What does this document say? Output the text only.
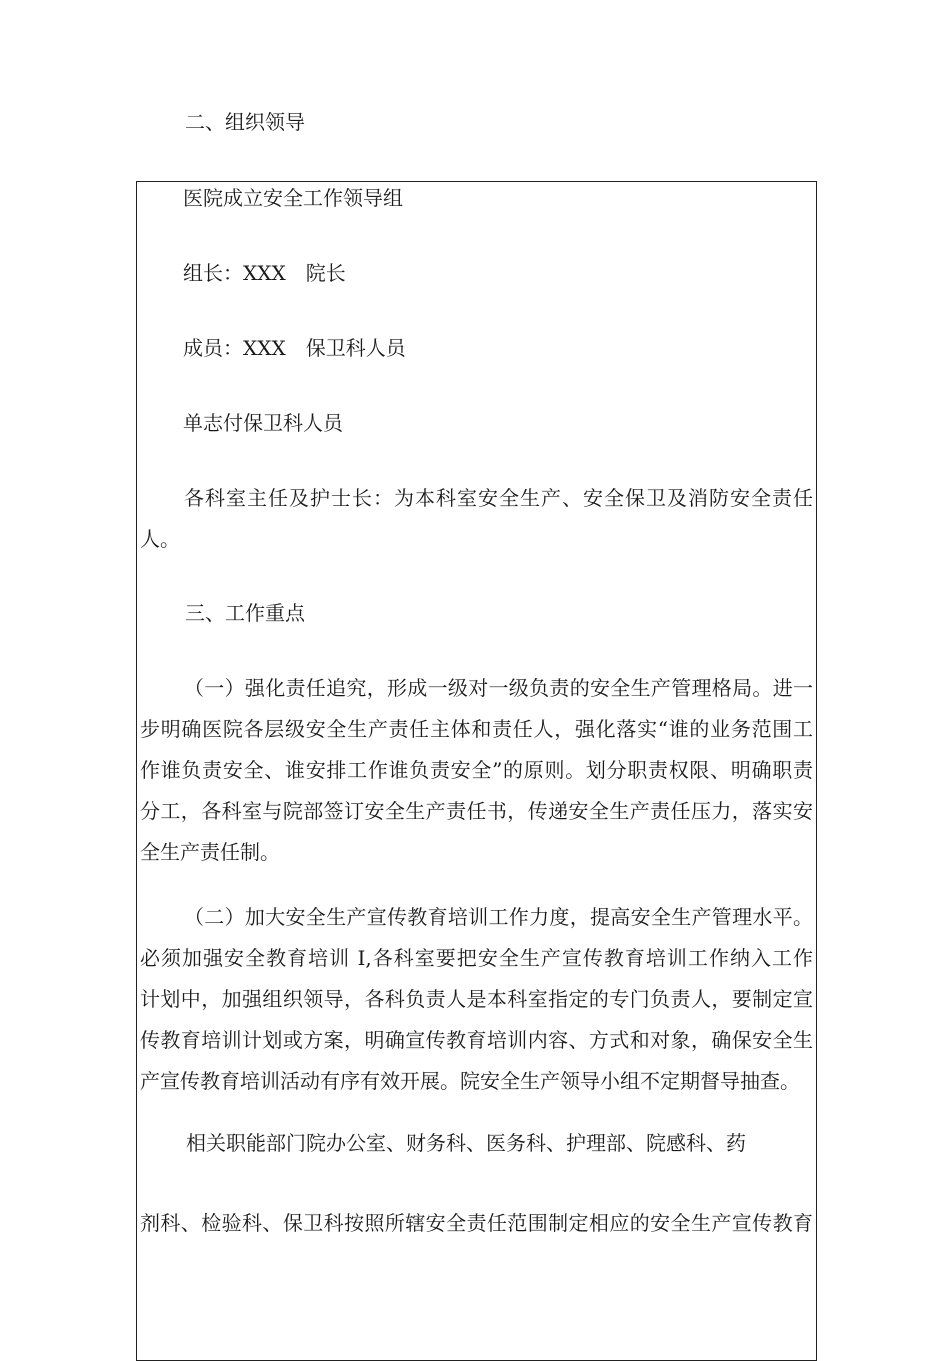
二、组织领导

医院成立安全工作领导组

组长：XXX　院长

成员：XXX　保卫科人员

单志付保卫科人员

各科室主任及护士长：为本科室安全生产、安全保卫及消防安全责任
人。

三、工作重点

（一）强化责任追究，形成一级对一级负责的安全生产管理格局。进一
步明确医院各层级安全生产责任主体和责任人，强化落实“谁的业务范围工
作谁负责安全、谁安排工作谁负责安全”的原则。划分职责权限、明确职责
分工，各科室与院部签订安全生产责任书，传递安全生产责任压力，落实安
全生产责任制。
（二）加大安全生产宣传教育培训工作力度，提高安全生产管理水平。
必须加强安全教育培训 I,各科室要把安全生产宣传教育培训工作纳入工作
计划中，加强组织领导，各科负责人是本科室指定的专门负责人，要制定宣
传教育培训计划或方案，明确宣传教育培训内容、方式和对象，确保安全生
产宣传教育培训活动有序有效开展。院安全生产领导小组不定期督导抽查。

相关职能部门院办公室、财务科、医务科、护理部、院感科、药

剂科、检验科、保卫科按照所辖安全责任范围制定相应的安全生产宣传教育
